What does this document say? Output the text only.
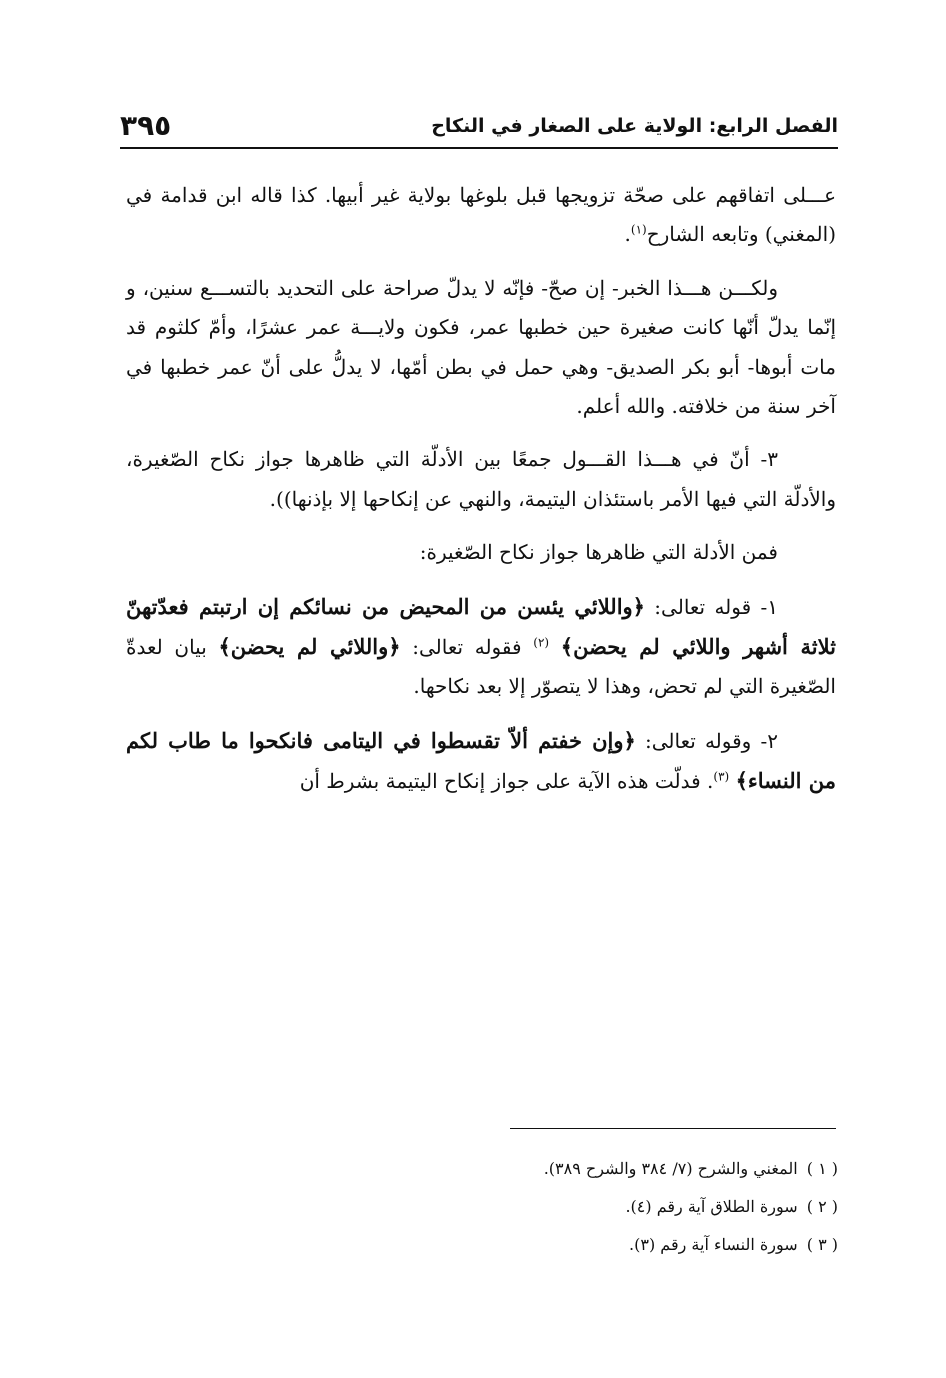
الفصل الرابع: الولاية على الصغار في النكاح
٣٩٥

عـــلى اتفاقهم على صحّة تزويجها قبل بلوغها بولاية غير أبيها. كذا قاله ابن قدامة في (المغني) وتابعه الشارح$^{(١)}$.

ولكـــن هـــذا الخبر- إن صحّ- فإنّه لا يدلّ صراحة على التحديد بالتســـع سنين، و إنّما يدلّ أنّها كانت صغيرة حين خطبها عمر، فكون ولايـــة عمر عشرًا، وأمّ كلثوم قد مات أبوها- أبو بكر الصديق- وهي حمل في بطن أمّها، لا يدلُّ على أنّ عمر خطبها في آخر سنة من خلافته. والله أعلم.

٣- أنّ في هـــذا القـــول جمعًا بين الأدلّة التي ظاهرها جواز نكاح الصّغيرة، والأدلّة التي فيها الأمر باستئذان اليتيمة، والنهي عن إنكاحها إلا بإذنها)).

فمن الأدلة التي ظاهرها جواز نكاح الصّغيرة:

١- قوله تعالى: ﴿واللائي يئسن من المحيض من نسائكم إن ارتبتم فعدّتهنّ ثلاثة أشهر واللائي لم يحضن﴾ $^{(٢)}$ فقوله تعالى: ﴿واللائي لم يحضن﴾ بيان لعدةّ الصّغيرة التي لم تحض، وهذا لا يتصوّر إلا بعد نكاحها.

٢- وقوله تعالى: ﴿وإن خفتم ألاّ تقسطوا في اليتامى فانكحوا ما طاب لكم من النساء﴾ $^{(٣)}$. فدلّت هذه الآية على جواز إنكاح اليتيمة بشرط أن

( ١ ) المغني والشرح (٧/ ٣٨٤ والشرح ٣٨٩).

( ٢ ) سورة الطلاق آية رقم (٤).

( ٣ ) سورة النساء آية رقم (٣).
